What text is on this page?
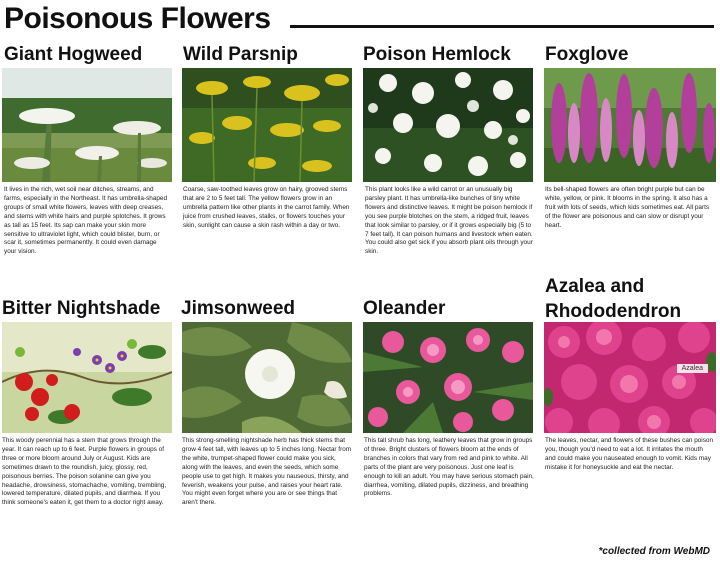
Poisonous Flowers
Giant Hogweed
It lives in the rich, wet soil near ditches, streams, and farms, especially in the Northeast. It has umbrella-shaped groups of small white flowers, leaves with deep creases, and stems with white hairs and purple splotches. It grows as tall as 15 feet. Its sap can make your skin more sensitive to ultraviolet light, which could blister, burn, or scar it, sometimes permanently. It could even damage your vision.
Wild Parsnip
Coarse, saw-toothed leaves grow on hairy, grooved stems that are 2 to 5 feet tall. The yellow flowers grow in an umbrella pattern like other plants in the carrot family. When juice from crushed leaves, stalks, or flowers touches your skin, sunlight can cause a skin rash within a day or two.
Poison Hemlock
This plant looks like a wild carrot or an unusually big parsley plant. It has umbrella-like bunches of tiny white flowers and distinctive leaves. It might be poison hemlock if you see purple blotches on the stem, a ridged fruit, leaves that look similar to parsley, or if it grows especially big (5 to 7 feet tall). It can poison humans and livestock when eaten. You could also get sick if you absorb plant oils through your skin.
Foxglove
Its bell-shaped flowers are often bright purple but can be white, yellow, or pink. It blooms in the spring. It also has a fruit with lots of seeds, which kids sometimes eat. All parts of the flower are poisonous and can slow or disrupt your heart.
Bitter Nightshade
This woody perennial has a stem that grows through the year. It can reach up to 6 feet. Purple flowers in groups of three or more bloom around July or August. Kids are sometimes drawn to the roundish, juicy, glossy, red, poisonous berries. The poison solanine can give you headache, drowsiness, stomachache, vomiting, trembling, lowered temperature, dilated pupils, and diarrhea. If you think someone's eaten it, get them to a doctor right away.
Jimsonweed
This strong-smelling nightshade herb has thick stems that grow 4 feet tall, with leaves up to 5 inches long. Nectar from the white, trumpet-shaped flower could make you sick, along with the leaves, and even the seeds, which some people use to get high. It makes you nauseous, thirsty, and feverish, weakens your pulse, and raises your heart rate. You might even forget where you are or see things that aren't there.
Oleander
This tall shrub has long, leathery leaves that grow in groups of three. Bright clusters of flowers bloom at the ends of branches in colors that vary from red and pink to white. All parts of the plant are very poisonous. Just one leaf is enough to kill an adult. You may have serious stomach pain, diarrhea, vomiting, dilated pupils, dizziness, and breathing problems.
Azalea and Rhododendron
Azalea
The leaves, nectar, and flowers of these bushes can poison you, though you'd need to eat a lot. It irritates the mouth and could make you nauseated enough to vomit. Kids may mistake it for honeysuckle and eat the nectar.
*collected from WebMD
